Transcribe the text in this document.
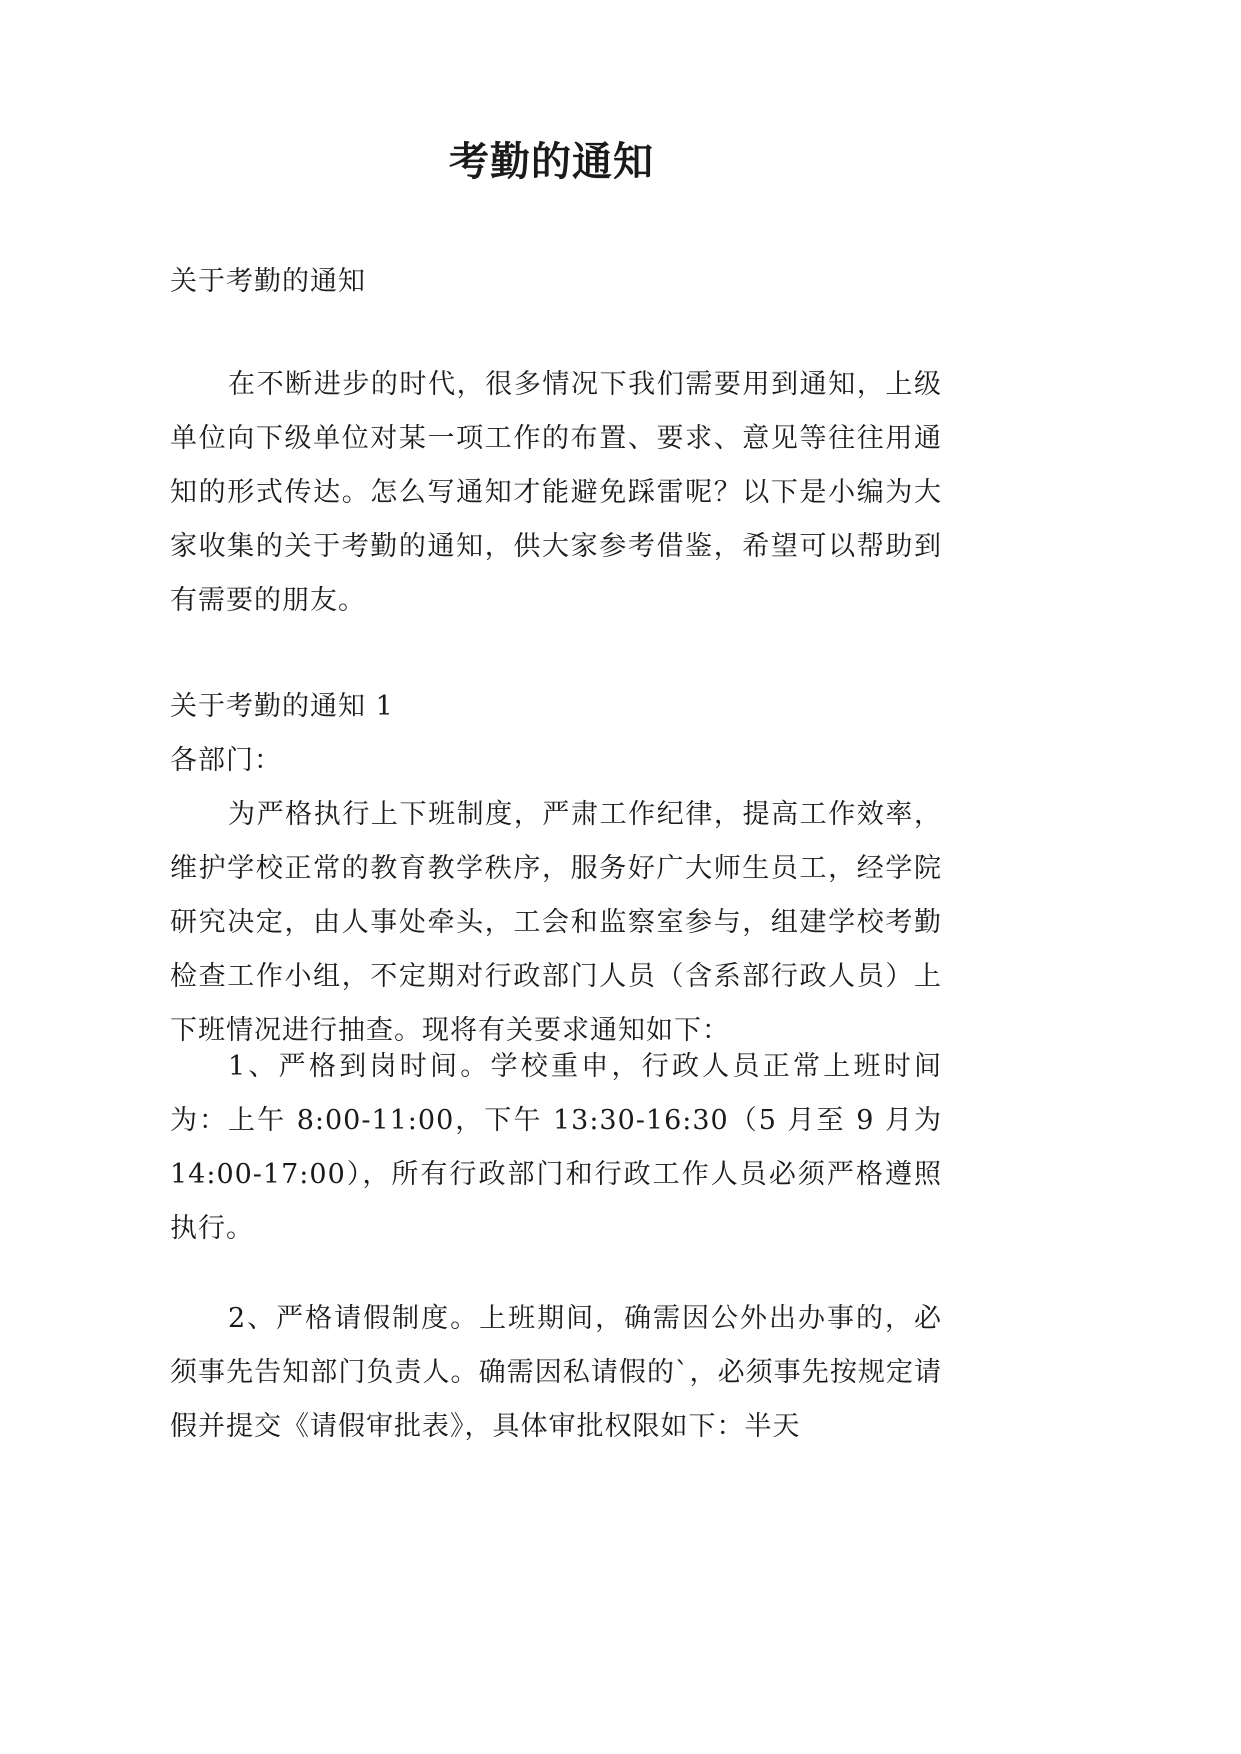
考勤的通知

关于考勤的通知

在不断进步的时代，很多情况下我们需要用到通知，上级单位向下级单位对某一项工作的布置、要求、意见等往往用通知的形式传达。怎么写通知才能避免踩雷呢？以下是小编为大家收集的关于考勤的通知，供大家参考借鉴，希望可以帮助到有需要的朋友。

关于考勤的通知 1

各部门：

为严格执行上下班制度，严肃工作纪律，提高工作效率，维护学校正常的教育教学秩序，服务好广大师生员工，经学院研究决定，由人事处牵头，工会和监察室参与，组建学校考勤检查工作小组，不定期对行政部门人员（含系部行政人员）上下班情况进行抽查。现将有关要求通知如下：

1、严格到岗时间。学校重申，行政人员正常上班时间为：上午 8:00-11:00，下午 13:30-16:30（5 月至 9 月为 14:00-17:00），所有行政部门和行政工作人员必须严格遵照执行。

2、严格请假制度。上班期间，确需因公外出办事的，必须事先告知部门负责人。确需因私请假的`，必须事先按规定请假并提交《请假审批表》，具体审批权限如下：半天
